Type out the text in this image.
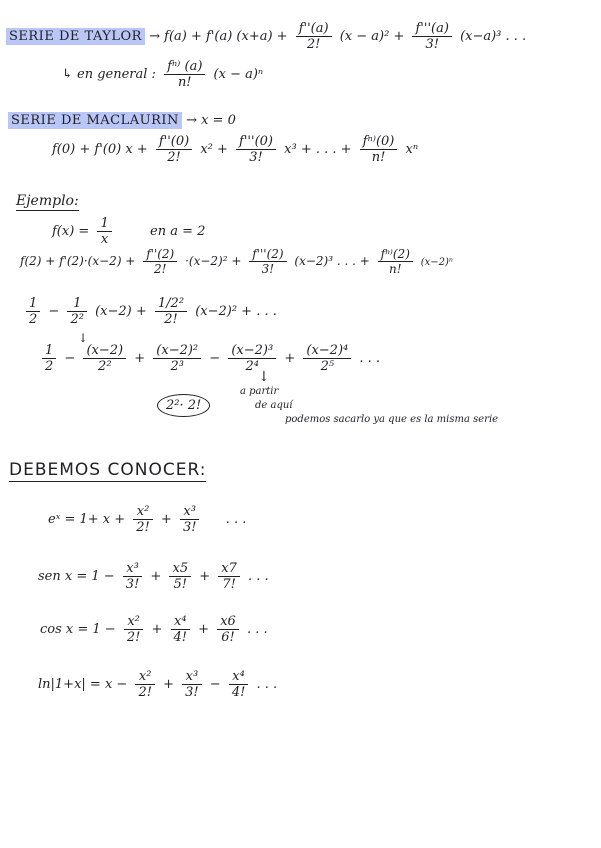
SERIE DE TAYLOR → f(a) + f'(a) $(x+a) + \frac{f''(a)}{2!} (x - a)^2 + \frac{f'''(a)}{3!} (x-a)^3$ . . .
↳ en general : $\frac{\text{fⁿ⁾ (a)}}{n!} (x - a)^n$
SERIE DE MACLAURIN → x = 0
f(0) + f'(0) $x + \frac{f''(0)}{2!} x^2 + \frac{f'''(0)}{3!} x^3$ + . . . + $\frac{\text{fⁿ⁾(0)}}{n!}$ xⁿ
Ejemplo:
$f(x) = \frac{1}{x}$	en a = 2
$f(2) + f'(2)\cdot(x-2) + \frac{f''(2)}{2!} \cdot(x-2)^2 + \frac{f'''(2)}{3!} (x-2)^3$ . . . + $\frac{\text{fⁿ⁾(2)}}{n!} (x-2)^n$
$\frac{1}{2} - \frac{1}{\text{2²}} (x-2) + \frac{\text{1/2²}}{2!} (x-2)^2$ + . . .
↓
$\frac{1}{2} - \frac{(x-2)}{\text{2²}} + \frac{\text{(x−2)²}}{\text{2³}} - \frac{\text{(x−2)³}}{\text{2⁴}} + \frac{\text{(x−2)⁴}}{\text{2⁵}}$ . . .
2²· 2!
↓
a partir
de aquí
podemos sacarlo ya que es la misma serie
DEBEMOS CONOCER:
eˣ = $1+ x + \frac{\text{x²}}{2!} + \frac{\text{x³}}{3!}$ . . .
sen $x = 1 - \frac{\text{x³}}{3!} + \frac{x5}{5!} + \frac{x7}{7!}$ . . .
$\cos x = 1 - \frac{\text{x²}}{2!} + \frac{\text{x⁴}}{4!} + \frac{x6}{6!}$ . . .
$\ln|1+x| = x - \frac{\text{x²}}{2!} + \frac{\text{x³}}{3!} - \frac{\text{x⁴}}{4!}$ . . .
